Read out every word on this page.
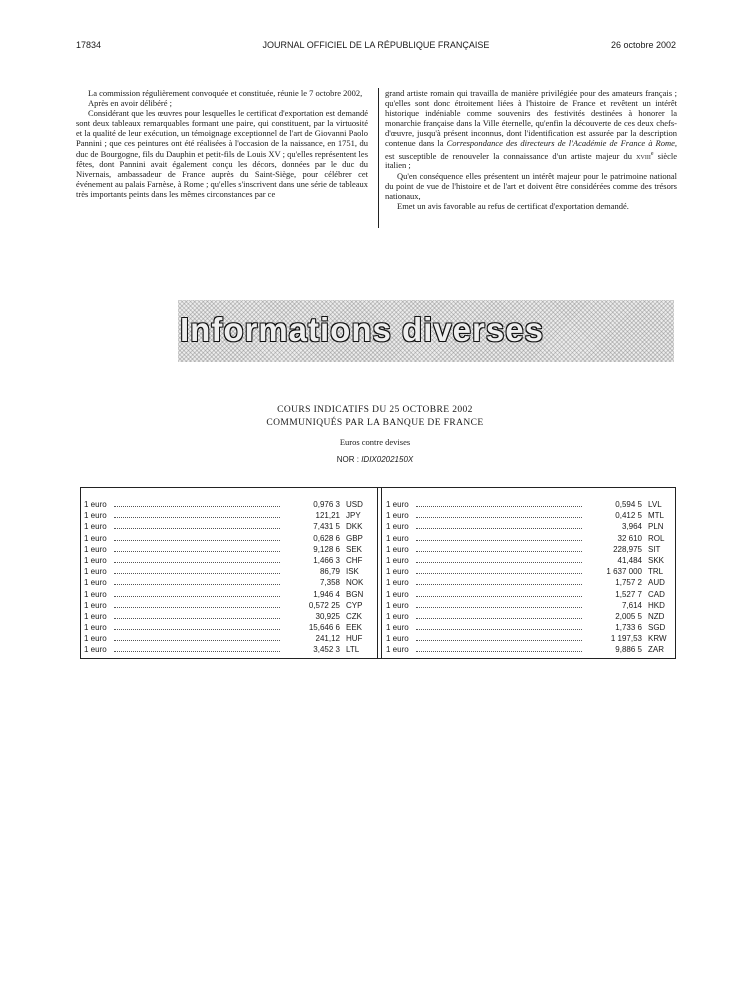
17834	JOURNAL OFFICIEL DE LA RÉPUBLIQUE FRANÇAISE	26 octobre 2002

La commission régulièrement convoquée et constituée, réunie le 7 octobre 2002,

Après en avoir délibéré ;

Considérant que les œuvres pour lesquelles le certificat d'exportation est demandé sont deux tableaux remarquables formant une paire, qui constituent, par la virtuosité et la qualité de leur exécution, un témoignage exceptionnel de l'art de Giovanni Paolo Pannini ; que ces peintures ont été réalisées à l'occasion de la naissance, en 1751, du duc de Bourgogne, fils du Dauphin et petit-fils de Louis XV ; qu'elles représentent les fêtes, dont Pannini avait également conçu les décors, données par le duc du Nivernais, ambassadeur de France auprès du Saint-Siège, pour célébrer cet événement au palais Farnèse, à Rome ; qu'elles s'inscrivent dans une série de tableaux très importants peints dans les mêmes circonstances par ce

grand artiste romain qui travailla de manière privilégiée pour des amateurs français ; qu'elles sont donc étroitement liées à l'histoire de France et revêtent un intérêt historique indéniable comme souvenirs des festivités destinées à honorer la monarchie française dans la Ville éternelle, qu'enfin la découverte de ces deux chefs-d'œuvre, jusqu'à présent inconnus, dont l'identification est assurée par la description contenue dans la Correspondance des directeurs de l'Académie de France à Rome, est susceptible de renouveler la connaissance d'un artiste majeur du xviii$^e$ siècle italien ;

Qu'en conséquence elles présentent un intérêt majeur pour le patrimoine national du point de vue de l'histoire et de l'art et doivent être considérées comme des trésors nationaux,

Emet un avis favorable au refus de certificat d'exportation demandé.

Informations diverses
COURS INDICATIFS DU 25 OCTOBRE 2002
COMMUNIQUÉS PAR LA BANQUE DE FRANCE
Euros contre devises
NOR : IDIX0202150X
1 euro	0,976 3 USD
1 euro	121,21 JPY
1 euro	7,431 5 DKK
1 euro	0,628 6 GBP
1 euro	9,128 6 SEK
1 euro	1,466 3 CHF
1 euro	86,79 ISK
1 euro	7,358 NOK
1 euro	1,946 4 BGN
1 euro	0,572 25 CYP
1 euro	30,925 CZK
1 euro	15,646 6 EEK
1 euro	241,12 HUF
1 euro	3,452 3 LTL
1 euro	0,594 5 LVL
1 euro	0,412 5 MTL
1 euro	3,964 PLN
1 euro	32 610 ROL
1 euro	228,975 SIT
1 euro	41,484 SKK
1 euro	1 637 000 TRL
1 euro	1,757 2 AUD
1 euro	1,527 7 CAD
1 euro	7,614 HKD
1 euro	2,005 5 NZD
1 euro	1,733 6 SGD
1 euro	1 197,53 KRW
1 euro	9,886 5 ZAR
